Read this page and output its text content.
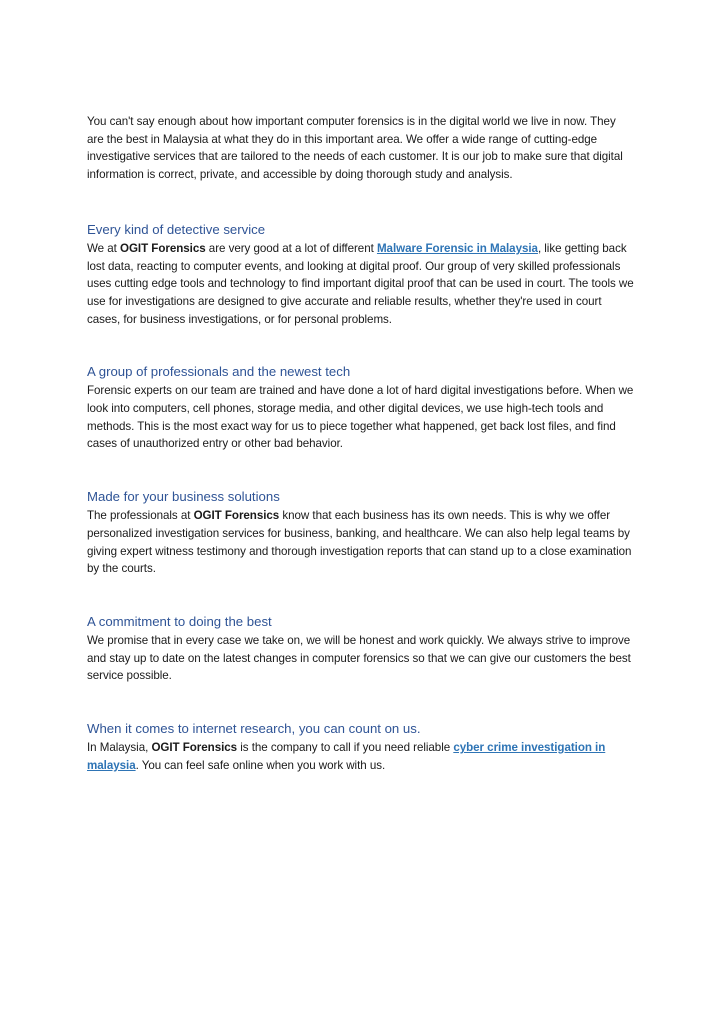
You can't say enough about how important computer forensics is in the digital world we live in now. They are the best in Malaysia at what they do in this important area. We offer a wide range of cutting-edge investigative services that are tailored to the needs of each customer. It is our job to make sure that digital information is correct, private, and accessible by doing thorough study and analysis.

Every kind of detective service

We at OGIT Forensics are very good at a lot of different Malware Forensic in Malaysia, like getting back lost data, reacting to computer events, and looking at digital proof. Our group of very skilled professionals uses cutting edge tools and technology to find important digital proof that can be used in court. The tools we use for investigations are designed to give accurate and reliable results, whether they're used in court cases, for business investigations, or for personal problems.

A group of professionals and the newest tech

Forensic experts on our team are trained and have done a lot of hard digital investigations before. When we look into computers, cell phones, storage media, and other digital devices, we use high-tech tools and methods. This is the most exact way for us to piece together what happened, get back lost files, and find cases of unauthorized entry or other bad behavior.

Made for your business solutions

The professionals at OGIT Forensics know that each business has its own needs. This is why we offer personalized investigation services for business, banking, and healthcare. We can also help legal teams by giving expert witness testimony and thorough investigation reports that can stand up to a close examination by the courts.

A commitment to doing the best

We promise that in every case we take on, we will be honest and work quickly. We always strive to improve and stay up to date on the latest changes in computer forensics so that we can give our customers the best service possible.

When it comes to internet research, you can count on us.

In Malaysia, OGIT Forensics is the company to call if you need reliable cyber crime investigation in malaysia. You can feel safe online when you work with us.
